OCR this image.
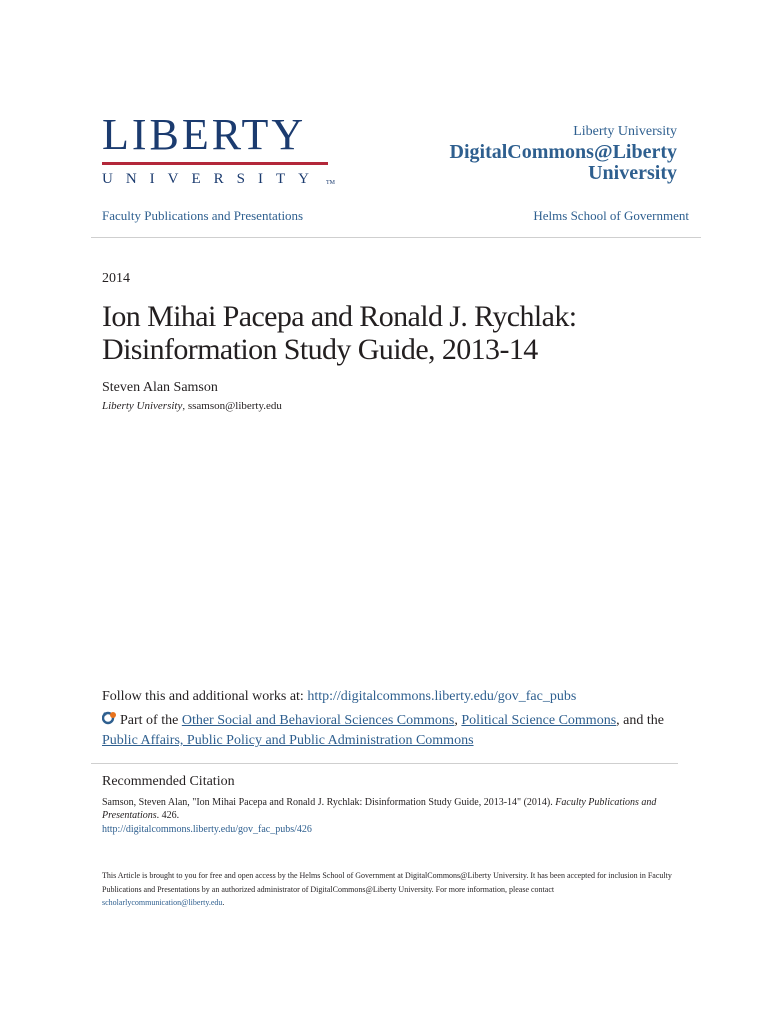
LIBERTY
UNIVERSITY TM
Liberty University
DigitalCommons@Liberty University
Faculty Publications and Presentations	Helms School of Government
2014
Ion Mihai Pacepa and Ronald J. Rychlak: Disinformation Study Guide, 2013-14
Steven Alan Samson
Liberty University, ssamson@liberty.edu
Follow this and additional works at: http://digitalcommons.liberty.edu/gov_fac_pubs
Part of the Other Social and Behavioral Sciences Commons, Political Science Commons, and the
Public Affairs, Public Policy and Public Administration Commons
Recommended Citation
Samson, Steven Alan, "Ion Mihai Pacepa and Ronald J. Rychlak: Disinformation Study Guide, 2013-14" (2014). Faculty Publications and Presentations. 426.
http://digitalcommons.liberty.edu/gov_fac_pubs/426
This Article is brought to you for free and open access by the Helms School of Government at DigitalCommons@Liberty University. It has been accepted for inclusion in Faculty Publications and Presentations by an authorized administrator of DigitalCommons@Liberty University. For more information, please contact scholarlycommunication@liberty.edu.
